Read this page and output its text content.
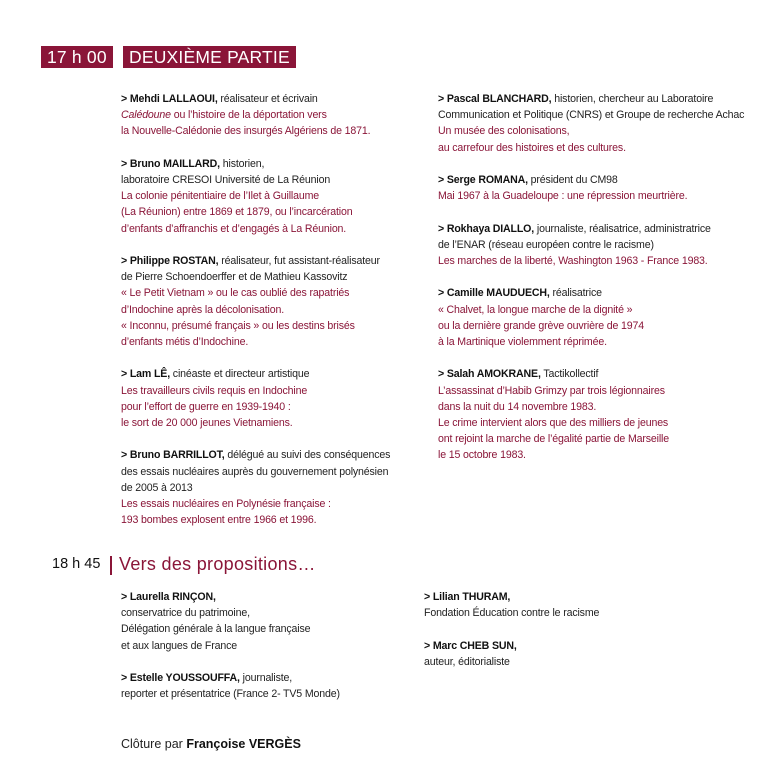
17 h 00	DEUXIÈME PARTIE
> Mehdi LALLAOUI, réalisateur et écrivain
Calédoune ou l’histoire de la déportation vers
la Nouvelle-Calédonie des insurgés Algériens de 1871.
> Bruno MAILLARD, historien,
laboratoire CRESOI Université de La Réunion
La colonie pénitentiaire de l’Ilet à Guillaume
(La Réunion) entre 1869 et 1879, ou l’incarcération
d’enfants d’affranchis et d’engagés à La Réunion.
> Philippe ROSTAN, réalisateur, fut assistant-réalisateur
de Pierre Schoendoerffer et de Mathieu Kassovitz
« Le Petit Vietnam » ou le cas oublié des rapatriés
d’Indochine après la décolonisation.
« Inconnu, présumé français » ou les destins brisés
d’enfants métis d’Indochine.
> Lam LÊ, cinéaste et directeur artistique
Les travailleurs civils requis en Indochine
pour l’effort de guerre en 1939-1940 :
le sort de 20 000 jeunes Vietnamiens.
> Bruno BARRILLOT, délégué au suivi des conséquences
des essais nucléaires auprès du gouvernement polynésien
de 2005 à 2013
Les essais nucléaires en Polynésie française :
193 bombes explosent entre 1966 et 1996.
> Pascal BLANCHARD, historien, chercheur au Laboratoire
Communication et Politique (CNRS) et Groupe de recherche Achac
Un musée des colonisations,
au carrefour des histoires et des cultures.
> Serge ROMANA, président du CM98
Mai 1967 à la Guadeloupe : une répression meurtrière.
> Rokhaya DIALLO, journaliste, réalisatrice, administratrice
de l’ENAR (réseau européen contre le racisme)
Les marches de la liberté, Washington 1963 - France 1983.
> Camille MAUDUECH, réalisatrice
« Chalvet, la longue marche de la dignité »
ou la dernière grande grève ouvrière de 1974
à la Martinique violemment réprimée.
> Salah AMOKRANE, Tactikollectif
L’assassinat d’Habib Grimzy par trois légionnaires
dans la nuit du 14 novembre 1983.
Le crime intervient alors que des milliers de jeunes
ont rejoint la marche de l’égalité partie de Marseille
le 15 octobre 1983.
18 h 45 Vers des propositions…
> Laurella RINÇON,
conservatrice du patrimoine,
Délégation générale à la langue française
et aux langues de France
> Estelle YOUSSOUFFA, journaliste,
reporter et présentatrice (France 2- TV5 Monde)
> Lilian THURAM,
Fondation Éducation contre le racisme
> Marc CHEB SUN,
auteur, éditorialiste
Clôture par Françoise VERGÈS
